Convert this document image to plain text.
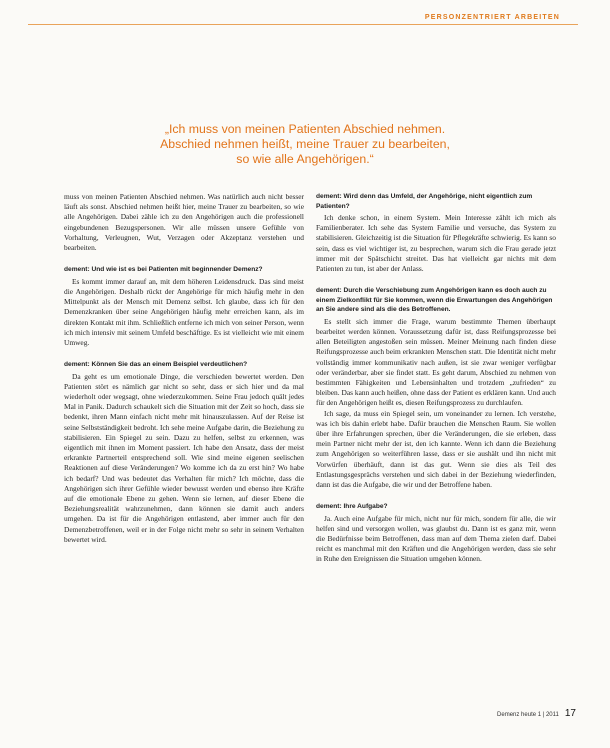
PERSONZENTRIERT ARBEITEN
„Ich muss von meinen Patienten Abschied nehmen.
Abschied nehmen heißt, meine Trauer zu bearbeiten,
so wie alle Angehörigen.“

muss von meinen Patienten Abschied nehmen. Was natürlich auch nicht besser läuft als sonst. Abschied nehmen heißt hier, meine Trauer zu bearbeiten, so wie alle Angehörigen. Dabei zähle ich zu den Angehörigen auch die professionell eingebundenen Bezugspersonen. Wir alle müssen unsere Gefühle von Vorhaltung, Verleugnen, Wut, Verzagen oder Akzeptanz verstehen und bearbeiten.

dement: Und wie ist es bei Patienten mit beginnender Demenz?

Es kommt immer darauf an, mit dem höheren Leidensdruck. Das sind meist die Angehörigen. Deshalb rückt der Angehörige für mich häufig mehr in den Mittelpunkt als der Mensch mit Demenz selbst. Ich glaube, dass ich für den Demenzkranken über seine Angehörigen häufig mehr erreichen kann, als im direkten Kontakt mit ihm. Schließlich entferne ich mich von seiner Person, wenn ich mich intensiv mit seinem Umfeld beschäftige. Es ist vielleicht wie mit einem Umweg.

dement: Können Sie das an einem Beispiel verdeutlichen?

Da geht es um emotionale Dinge, die verschieden bewertet werden. Den Patienten stört es nämlich gar nicht so sehr, dass er sich hier und da mal wiederholt oder wegsagt, ohne wiederzukommen. Seine Frau jedoch quält jedes Mal in Panik. Dadurch schaukelt sich die Situation mit der Zeit so hoch, dass sie bedenkt, ihren Mann einfach nicht mehr mit hinauszulassen. Auf der Reise ist seine Selbstständigkeit bedroht. Ich sehe meine Aufgabe darin, die Beziehung zu stabilisieren. Ein Spiegel zu sein. Dazu zu helfen, selbst zu erkennen, was eigentlich mit ihnen im Moment passiert. Ich habe den Ansatz, dass der meist erkrankte Partnerteil entsprechend soll. Wie sind meine eigenen seelischen Reaktionen auf diese Veränderungen? Wo komme ich da zu erst hin? Wo habe ich bedarf? Und was bedeutet das Verhalten für mich? Ich möchte, dass die Angehörigen sich ihrer Gefühle wieder bewusst werden und ebenso ihre Kräfte auf die emotionale Ebene zu gehen. Wenn sie lernen, auf dieser Ebene die Beziehungsrealität wahrzunehmen, dann können sie damit auch anders umgehen. Da ist für die Angehörigen entlastend, aber immer auch für den Demenzbetroffenen, weil er in der Folge nicht mehr so sehr in seinem Verhalten bewertet wird.

dement: Wird denn das Umfeld, der Angehörige, nicht eigentlich zum Patienten?

Ich denke schon, in einem System. Mein Interesse zählt ich mich als Familienberater. Ich sehe das System Familie und versuche, das System zu stabilisieren. Gleichzeitig ist die Situation für Pflegekräfte schwierig. Es kann so sein, dass es viel wichtiger ist, zu besprechen, warum sich die Frau gerade jetzt immer mit der Spätschicht streitet. Das hat vielleicht gar nichts mit dem Patienten zu tun, ist aber der Anlass.

dement: Durch die Verschiebung zum Angehörigen kann es doch auch zu einem Zielkonflikt für Sie kommen, wenn die Erwartungen des Angehörigen an Sie andere sind als die des Betroffenen.

Es stellt sich immer die Frage, warum bestimmte Themen überhaupt bearbeitet werden können. Voraussetzung dafür ist, dass Reifungsprozesse bei allen Beteiligten angestoßen sein müssen. Meiner Meinung nach finden diese Reifungsprozesse auch beim erkrankten Menschen statt. Die Identität nicht mehr vollständig immer kommunikativ nach außen, ist sie zwar weniger verfügbar oder veränderbar, aber sie findet statt. Es geht darum, Abschied zu nehmen von bestimmten Fähigkeiten und Lebensinhalten und trotzdem „zufrieden“ zu bleiben. Das kann auch heißen, ohne dass der Patient es erklären kann. Und auch für den Angehörigen heißt es, diesen Reifungsprozess zu durchlaufen.

Ich sage, da muss ein Spiegel sein, um voneinander zu lernen. Ich verstehe, was ich bis dahin erlebt habe. Dafür brauchen die Menschen Raum. Sie wollen über ihre Erfahrungen sprechen, über die Veränderungen, die sie erleben, dass mein Partner nicht mehr der ist, den ich kannte. Wenn ich dann die Beziehung zum Angehörigen so weiterführen lasse, dass er sie aushält und ihn nicht mit Vorwürfen überhäuft, dann ist das gut. Wenn sie dies als Teil des Entlastungsgesprächs verstehen und sich dabei in der Beziehung wiederfinden, dann ist das die Aufgabe, die wir und der Betroffene haben.

dement: Ihre Aufgabe?

Ja. Auch eine Aufgabe für mich, nicht nur für mich, sondern für alle, die wir helfen sind und versorgen wollen, was glaubst du. Dann ist es ganz mir, wenn die Bedürfnisse beim Betroffenen, dass man auf dem Thema zielen darf. Dabei reicht es manchmal mit den Kräften und die Angehörigen werden, dass sie sehr in Ruhe den Ereignissen die Situation umgehen können.

Demenz heute 1 | 2011 17
